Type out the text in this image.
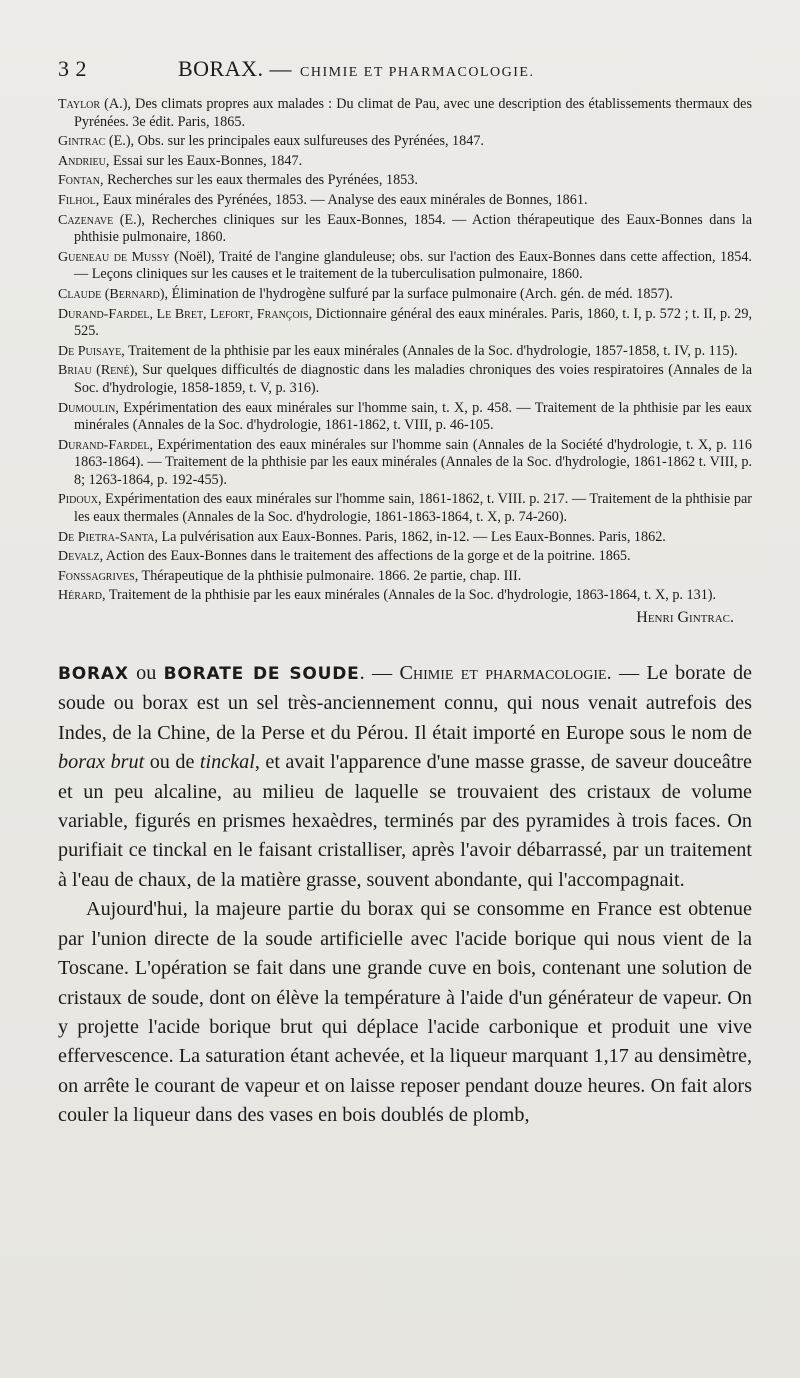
3 2	BORAX. — CHIMIE ET PHARMACOLOGIE.

Taylor (A.), Des climats propres aux malades : Du climat de Pau, avec une description des établissements thermaux des Pyrénées. 3e édit. Paris, 1865.

Gintrac (E.), Obs. sur les principales eaux sulfureuses des Pyrénées, 1847.

Andrieu, Essai sur les Eaux-Bonnes, 1847.

Fontan, Recherches sur les eaux thermales des Pyrénées, 1853.

Filhol, Eaux minérales des Pyrénées, 1853. — Analyse des eaux minérales de Bonnes, 1861.

Cazenave (E.), Recherches cliniques sur les Eaux-Bonnes, 1854. — Action thérapeutique des Eaux-Bonnes dans la phthisie pulmonaire, 1860.

Gueneau de Mussy (Noël), Traité de l'angine glanduleuse; obs. sur l'action des Eaux-Bonnes dans cette affection, 1854. — Leçons cliniques sur les causes et le traitement de la tuberculisation pulmonaire, 1860.

Claude (Bernard), Élimination de l'hydrogène sulfuré par la surface pulmonaire (Arch. gén. de méd. 1857).

Durand-Fardel, Le Bret, Lefort, François, Dictionnaire général des eaux minérales. Paris, 1860, t. I, p. 572 ; t. II, p. 29, 525.

De Puisaye, Traitement de la phthisie par les eaux minérales (Annales de la Soc. d'hydrologie, 1857-1858, t. IV, p. 115).

Briau (René), Sur quelques difficultés de diagnostic dans les maladies chroniques des voies respiratoires (Annales de la Soc. d'hydrologie, 1858-1859, t. V, p. 316).

Dumoulin, Expérimentation des eaux minérales sur l'homme sain, t. X, p. 458. — Traitement de la phthisie par les eaux minérales (Annales de la Soc. d'hydrologie, 1861-1862, t. VIII, p. 46-105.

Durand-Fardel, Expérimentation des eaux minérales sur l'homme sain (Annales de la Société d'hydrologie, t. X, p. 116 1863-1864). — Traitement de la phthisie par les eaux minérales (Annales de la Soc. d'hydrologie, 1861-1862 t. VIII, p. 8; 1263-1864, p. 192-455).

Pidoux, Expérimentation des eaux minérales sur l'homme sain, 1861-1862, t. VIII. p. 217. — Traitement de la phthisie par les eaux thermales (Annales de la Soc. d'hydrologie, 1861-1863-1864, t. X, p. 74-260).

De Pietra-Santa, La pulvérisation aux Eaux-Bonnes. Paris, 1862, in-12. — Les Eaux-Bonnes. Paris, 1862.

Devalz, Action des Eaux-Bonnes dans le traitement des affections de la gorge et de la poitrine. 1865.

Fonssagrives, Thérapeutique de la phthisie pulmonaire. 1866. 2e partie, chap. III.

Hérard, Traitement de la phthisie par les eaux minérales (Annales de la Soc. d'hydrologie, 1863-1864, t. X, p. 131).

Henri Gintrac.

BORAX ou BORATE DE SOUDE. — Chimie et pharmacologie. — Le borate de soude ou borax est un sel très-anciennement connu, qui nous venait autrefois des Indes, de la Chine, de la Perse et du Pérou. Il était importé en Europe sous le nom de borax brut ou de tinckal, et avait l'apparence d'une masse grasse, de saveur douceâtre et un peu alcaline, au milieu de laquelle se trouvaient des cristaux de volume variable, figurés en prismes hexaèdres, terminés par des pyramides à trois faces. On purifiait ce tinckal en le faisant cristalliser, après l'avoir débarrassé, par un traitement à l'eau de chaux, de la matière grasse, souvent abondante, qui l'accompagnait.

Aujourd'hui, la majeure partie du borax qui se consomme en France est obtenue par l'union directe de la soude artificielle avec l'acide borique qui nous vient de la Toscane. L'opération se fait dans une grande cuve en bois, contenant une solution de cristaux de soude, dont on élève la température à l'aide d'un générateur de vapeur. On y projette l'acide borique brut qui déplace l'acide carbonique et produit une vive effervescence. La saturation étant achevée, et la liqueur marquant 1,17 au densimètre, on arrête le courant de vapeur et on laisse reposer pendant douze heures. On fait alors couler la liqueur dans des vases en bois doublés de plomb,
